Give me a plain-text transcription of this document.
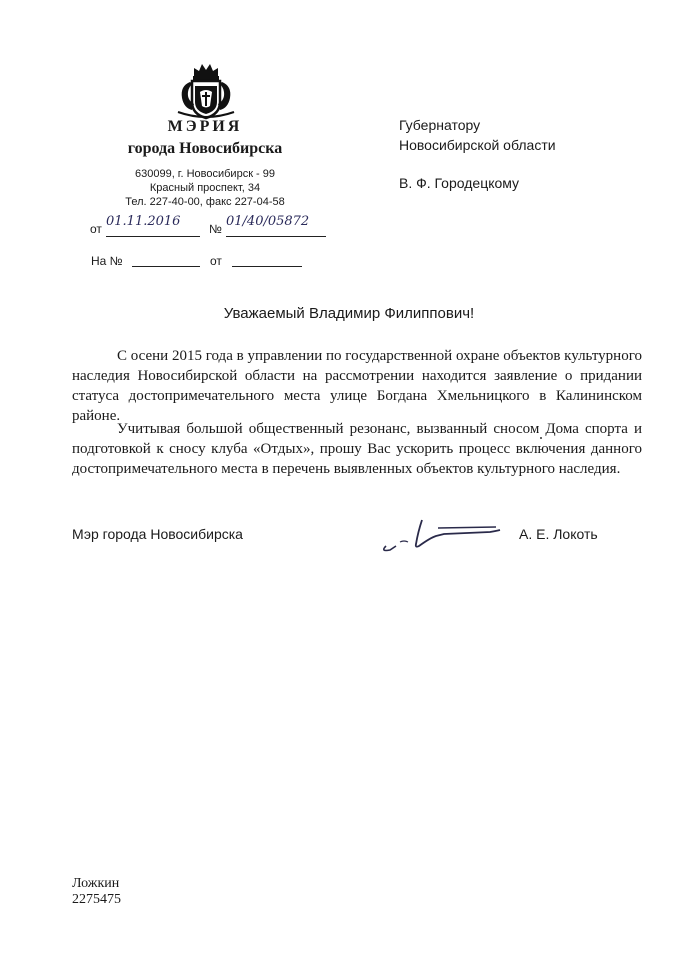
МЭРИЯ
города Новосибирска
630099, г. Новосибирск - 99
Красный проспект, 34
Тел. 227-40-00, факс 227-04-58
от 01.11.2016	№ 01/40/05872
На №	от
Губернатору
Новосибирской области
В. Ф. Городецкому
Уважаемый Владимир Филиппович!

С осени 2015 года в управлении по государственной охране объектов культурного наследия Новосибирской области на рассмотрении находится заявление о придании статуса достопримечательного места улице Богдана Хмельницкого в Калининском районе.

Учитывая большой общественный резонанс, вызванный сносом Дома спорта и подготовкой к сносу клуба «Отдых», прошу Вас ускорить процесс включения данного достопримечательного места в перечень выявленных объектов культурного наследия.

Мэр города Новосибирска	А. Е. Локоть
Ложкин
2275475
